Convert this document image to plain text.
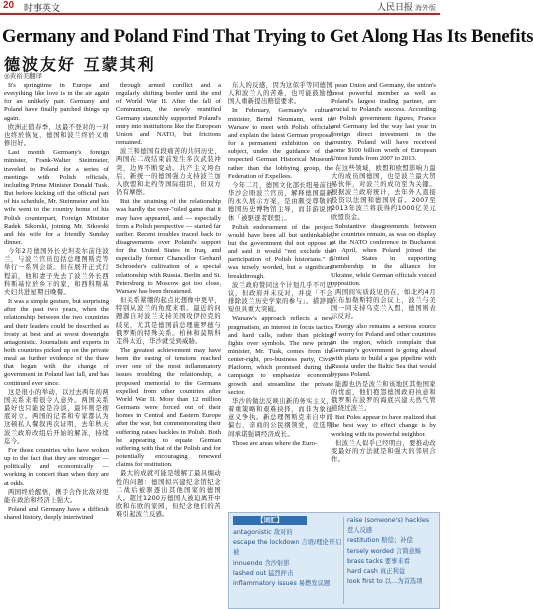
20 时事英文	人民日报 海外版
Germany and Poland Find That Trying to Get Along Has Its Benefits
德波友好 互蒙其利
◎黄裕美翻译

It's springtime in Europe and everything like love is in the air again for an unlikely pair. Germany and Poland have finally patched things up again.

欧洲正值春季，这最不登对的一对也终於恢复，德国和波兰终於又重修旧好。

Last month Germany's foreign minister, Frank-Walter Steinmeier, traveled to Poland for a series of meetings with Polish officials, including Prime Minister Donald Tusk. But before kicking off the official part of his schedule, Mr. Steinmeier and his wife went to the country home of his Polish counterpart, Foreign Minister Radek Sikorski, joining Mr. Sikorski and his wife for a friendly Sunday dinner.

今年2月德国外长史坦麦尔前往波兰，与波兰官员包括总理图斯克等举行一系列会谈。但在展开正式行程前，他和妻子先去了波兰外长西科斯基位於乡下的家，和西科斯基夫妇共进星期日晚餐。

It was a simple gesture, but surprising after the past two years, when the relationship between the two countries and their leaders could be described as frosty at best and at worst downright antagonistic. Journalists and experts in both countries picked up on the private meal as further evidence of the thaw that began with the change of government in Poland last fall, and has continued ever since.

这是很小的举动，以过去两年的两国关系来看很令人意外。两国关系最好也只能说是冷淡，最坏则是彻底对立。两国的记者和专家都认为这顿私人餐叙再次证明，去年秋天波兰政府改组后开始的解冻，持续迄今。

For those countries who have woken up to the fact that they are stronger — politically and economically — working in concert than when they are at odds.

两国终於醒悟，携手合作比敌对更能在政治和经济上强大。

Poland and Germany have a difficult shared history, deeply intertwined

through armed conflict and a regularly shifting border until the end of World War II. After the fall of Communism, the newly reunified Germany staunchly supported Poland's entry into institutions like the European Union and NATO, but frictions remained.

波兰和德国有段痛苦的共同历史，两国在二战结束前发生多次武装冲突，边界不断变动。共产主义垮台后，新统一的德国强力支持波兰加入欧盟和北约等国际组织，但双方仍有摩擦。

But the straining of the relationship was hardly the over-"oiled game that it may have appeared, and — especially from a Polish perspective — started far earlier. Recent troubles traced back to disagreements over Poland's support for the United States in Iraq, and especially former Chancellor Gerhard Schroeder's cultivation of a special relationship with Russia. Berlin and St. Petersburg to Moscow got too close, Warsaw has been threatened.

但关系紧绷的起点比想像中更早，特别从波兰的角度来看。最近的问题源自对波兰支持美国攻伊拉克的歧见，尤其是德国前总理施罗德与俄罗斯的特殊关系。柏林和莫斯科走得太近，华沙就受到威胁。

The greatest achievement may have been the easing of tensions reached over one of the most inflammatory issues troubling the relationship, a proposed memorial to the Germans expelled from other countries after World War II. More than 12 million Germans were forced out of their homes in Central and Eastern Europe after the war, but commemorating their suffering raises hackles in Polish. Both he appearing to equate German suffering with that of the Polish and for potentially encouraging renewed claims for restitution.

最大的成就可能是缓解了最具煽动性的问题：德国拟兴建纪念馆纪念二战后被驱逐出其他国家的德国人。超过1200万德国人被迫离开中欧和东欧的家园，但纪念他们的苦难引起波兰反感。

东人的反感，因为这似乎等同德国人和波兰人的苦难，也可能鼓励德国人重新提出赔偿要求。

In February, Germany's culture minister, Bernd Neumann, went to Warsaw to meet with Polish officials and explain the latest German proposal for a permanent exhibition on the subject, under the guidance of the respected German Historical Museum rather than the lobbying group, the Federation of Expellees.

今年二月，德国文化部长纽曼前往华沙会晤波兰官员，解释德国最新的永久展示方案，是由颇受尊敬的德国历史博物馆主导，而非游说团体「被驱逐者联盟」。

Polish endorsement of the project would have been all but unthinkable, but the government did not oppose it and said it would "not exclude the participation of Polish historians." It was tersely worded, but a significant breakthrough.

波兰政府赞同这个计划几乎不可思议，但政府并未反对，并说「不会排除波兰历史学家的参与」。措辞简短但具重大突破。

Warsaw's approach reflects a new pragmatism, an interest in focus tactics and hard calls, rather than picking fights over symbols. The new prime minister, Mr. Tusk, comes from the center-right, pro-business party, Civic Platform, which promised during the campaign to emphasize economic growth and streamline the private sector.

华沙的做法反映出新的务实主义，着重策略和艰难抉择，而非为象征意义争执。新总理图斯克来自中间偏右、亲商的公民纲领党，竞选期间承诺强调经济成长。

Those are areas where the Euro-

pean Union and Germany, the union's most powerful member as well as Poland's largest trading partner, are crucial to Poland's success. According to Polish government figures, France and Germany led the way last year in foreign direct investment in the country. Poland will have received some $100 billion worth of European Union funds from 2007 to 2013.

在这些领域，欧盟和欧盟影响力最大的成员国德国，也是波兰最大贸易伙伴，对波兰的成功至为关键。根据波兰政府统计，去年外人直接投资以法国和德国居首。2007至2013年波兰将获得约1000亿美元欧盟资金。

Substantive disagreements between the countries remain, as was on display at the NATO conference in Bucharest in April, when Poland joined the United States in supporting membership in the alliance for Ukraine, while German officials voiced opposition.

两国间实质歧见仍在，如北约4月在布加勒斯特的会议上，波兰与美国一同支持乌克兰入盟，德国则表示反对。

Energy also remains a serious source of worry for Poland and other countries in the region, which complain that Germany's government is going ahead with plans to build a gas pipeline with Russia under the Baltic Sea that would bypass Poland.

能源也仍是波兰和该地区其他国家的忧虑，他们抱怨德国政府执意和俄罗斯在波罗的海底兴建天然气管道绕过波兰。

But Poles appear to have realized that the best way to effect change is by working with its powerful neighbor.

但波兰人似乎已经明白，要推动改变最好的方法就是和强大的邻居合作。

【词汇】
antagonistic 敌对的
escape the lockdown 言语/理论开启被
innuendo 含沙射影
lashed out 猛烈抨击
inflammatory issues 易燃发议题
raise (someone's) hackles 惹人反感
restitution 赔偿；补偿
tersely worded 言简意赅
brass tacks 要事来看
hard cash 真正利益
look first to 以…为首选项
